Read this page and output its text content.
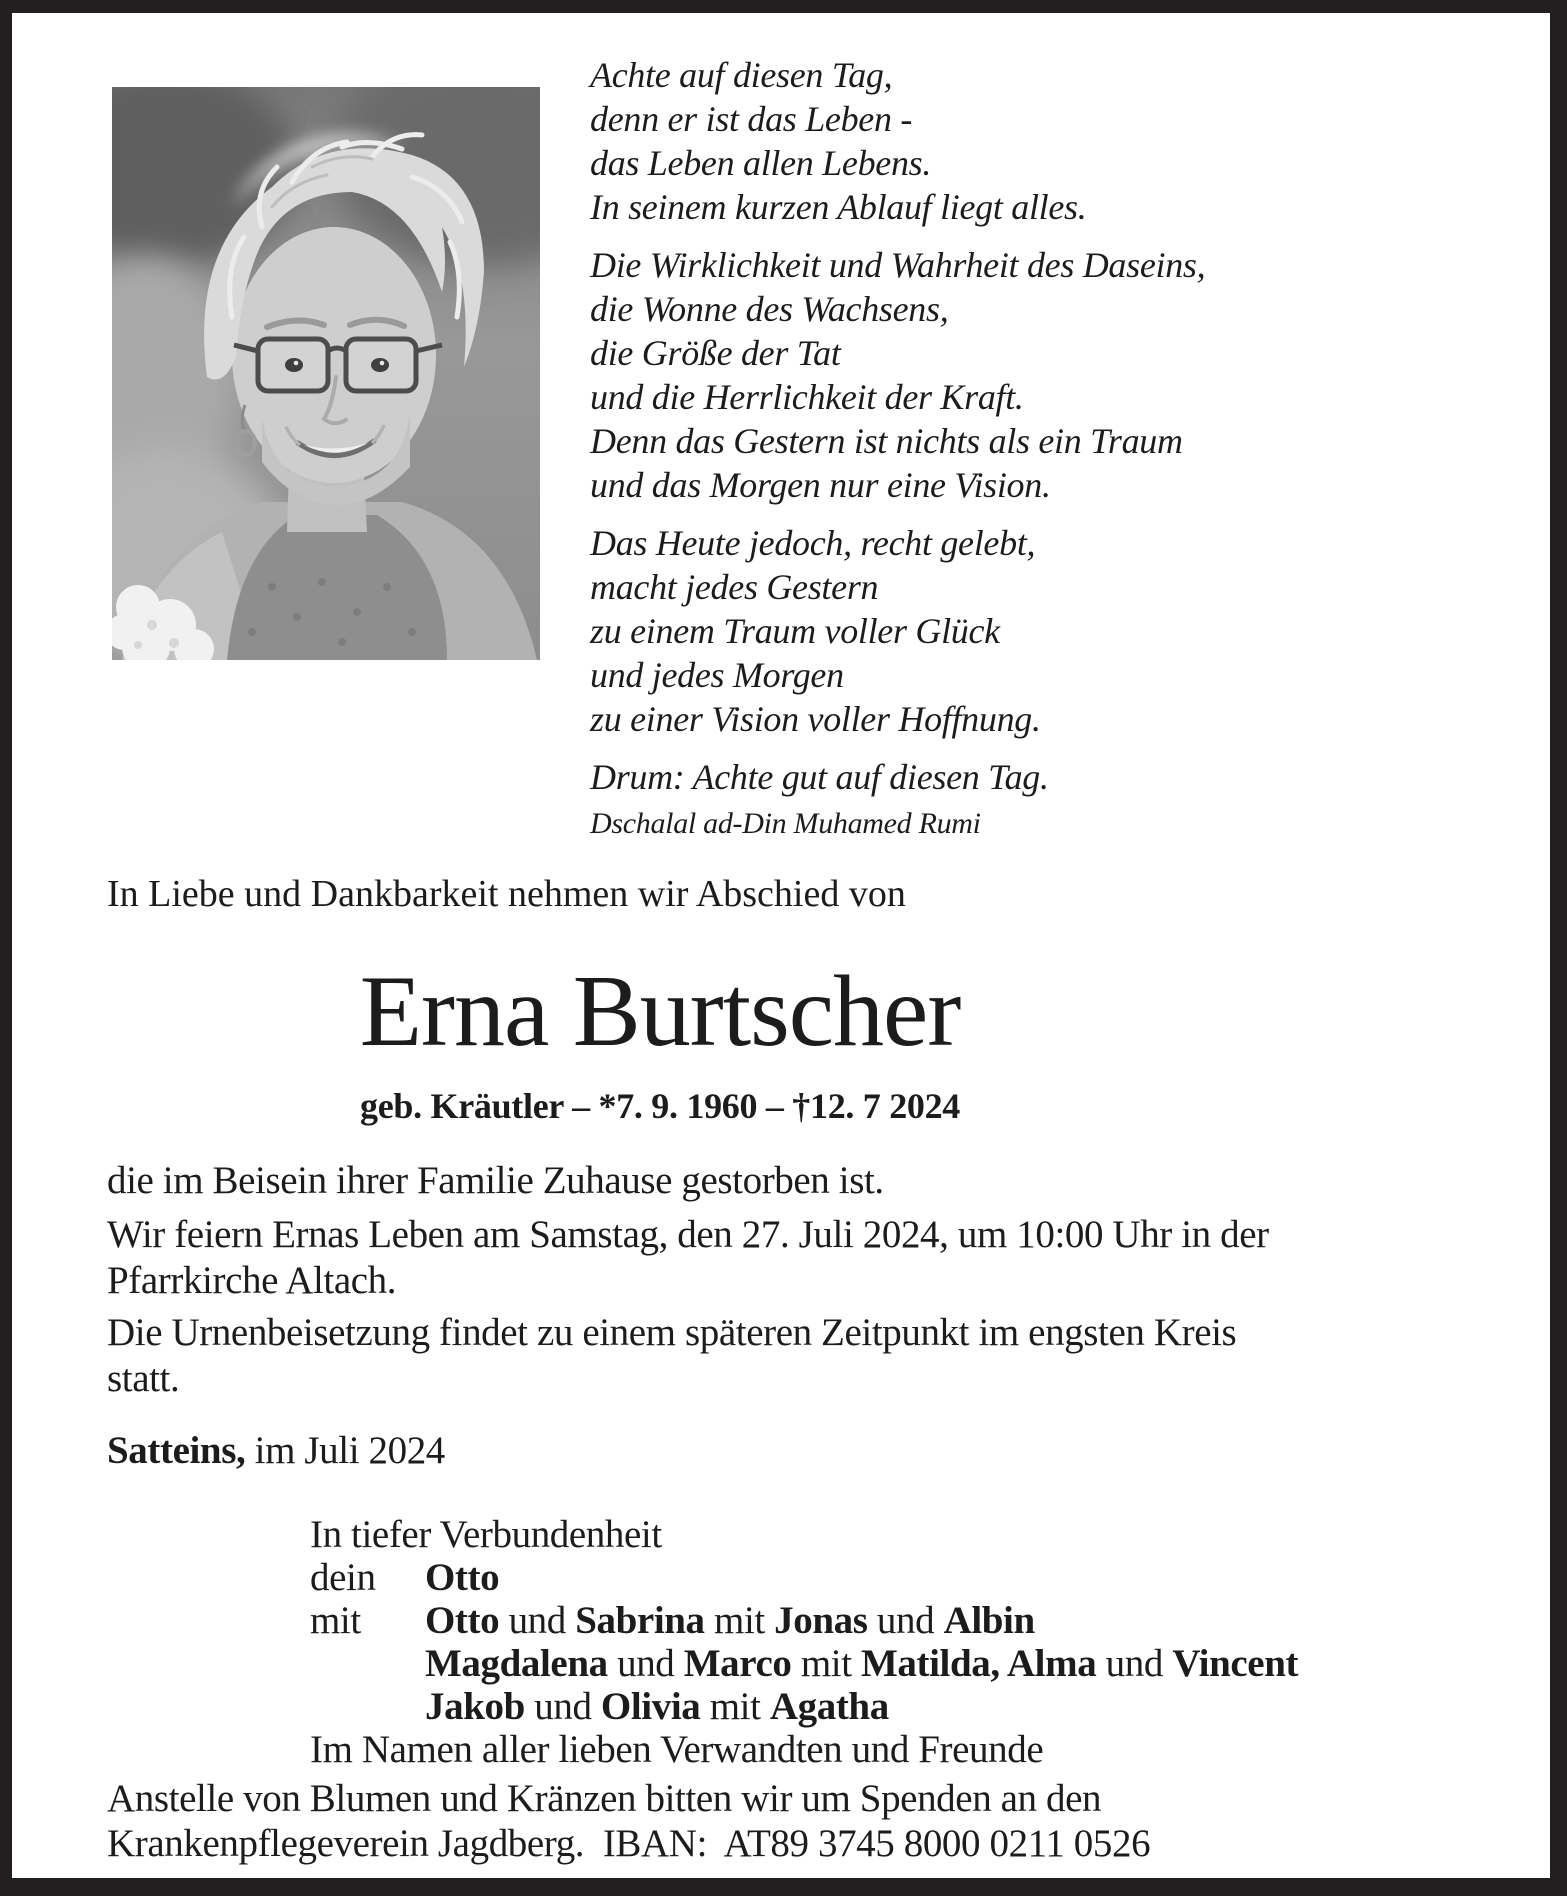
Achte auf diesen Tag,
denn er ist das Leben -
das Leben allen Lebens.
In seinem kurzen Ablauf liegt alles.
Die Wirklichkeit und Wahrheit des Daseins,
die Wonne des Wachsens,
die Größe der Tat
und die Herrlichkeit der Kraft.
Denn das Gestern ist nichts als ein Traum
und das Morgen nur eine Vision.
Das Heute jedoch, recht gelebt,
macht jedes Gestern
zu einem Traum voller Glück
und jedes Morgen
zu einer Vision voller Hoffnung.
Drum: Achte gut auf diesen Tag.
Dschalal ad-Din Muhamed Rumi
In Liebe und Dankbarkeit nehmen wir Abschied von
Erna Burtscher
geb. Kräutler – *7. 9. 1960 – †12. 7 2024
die im Beisein ihrer Familie Zuhause gestorben ist.
Wir feiern Ernas Leben am Samstag, den 27. Juli 2024, um 10:00 Uhr in der
Pfarrkirche Altach.
Die Urnenbeisetzung findet zu einem späteren Zeitpunkt im engsten Kreis
statt.
Satteins, im Juli 2024
In tiefer Verbundenheit
dein	Otto
mit	Otto und Sabrina mit Jonas und Albin
Magdalena und Marco mit Matilda, Alma und Vincent
Jakob und Olivia mit Agatha
Im Namen aller lieben Verwandten und Freunde
Anstelle von Blumen und Kränzen bitten wir um Spenden an den
Krankenpflegeverein Jagdberg.  IBAN:  AT89 3745 8000 0211 0526
